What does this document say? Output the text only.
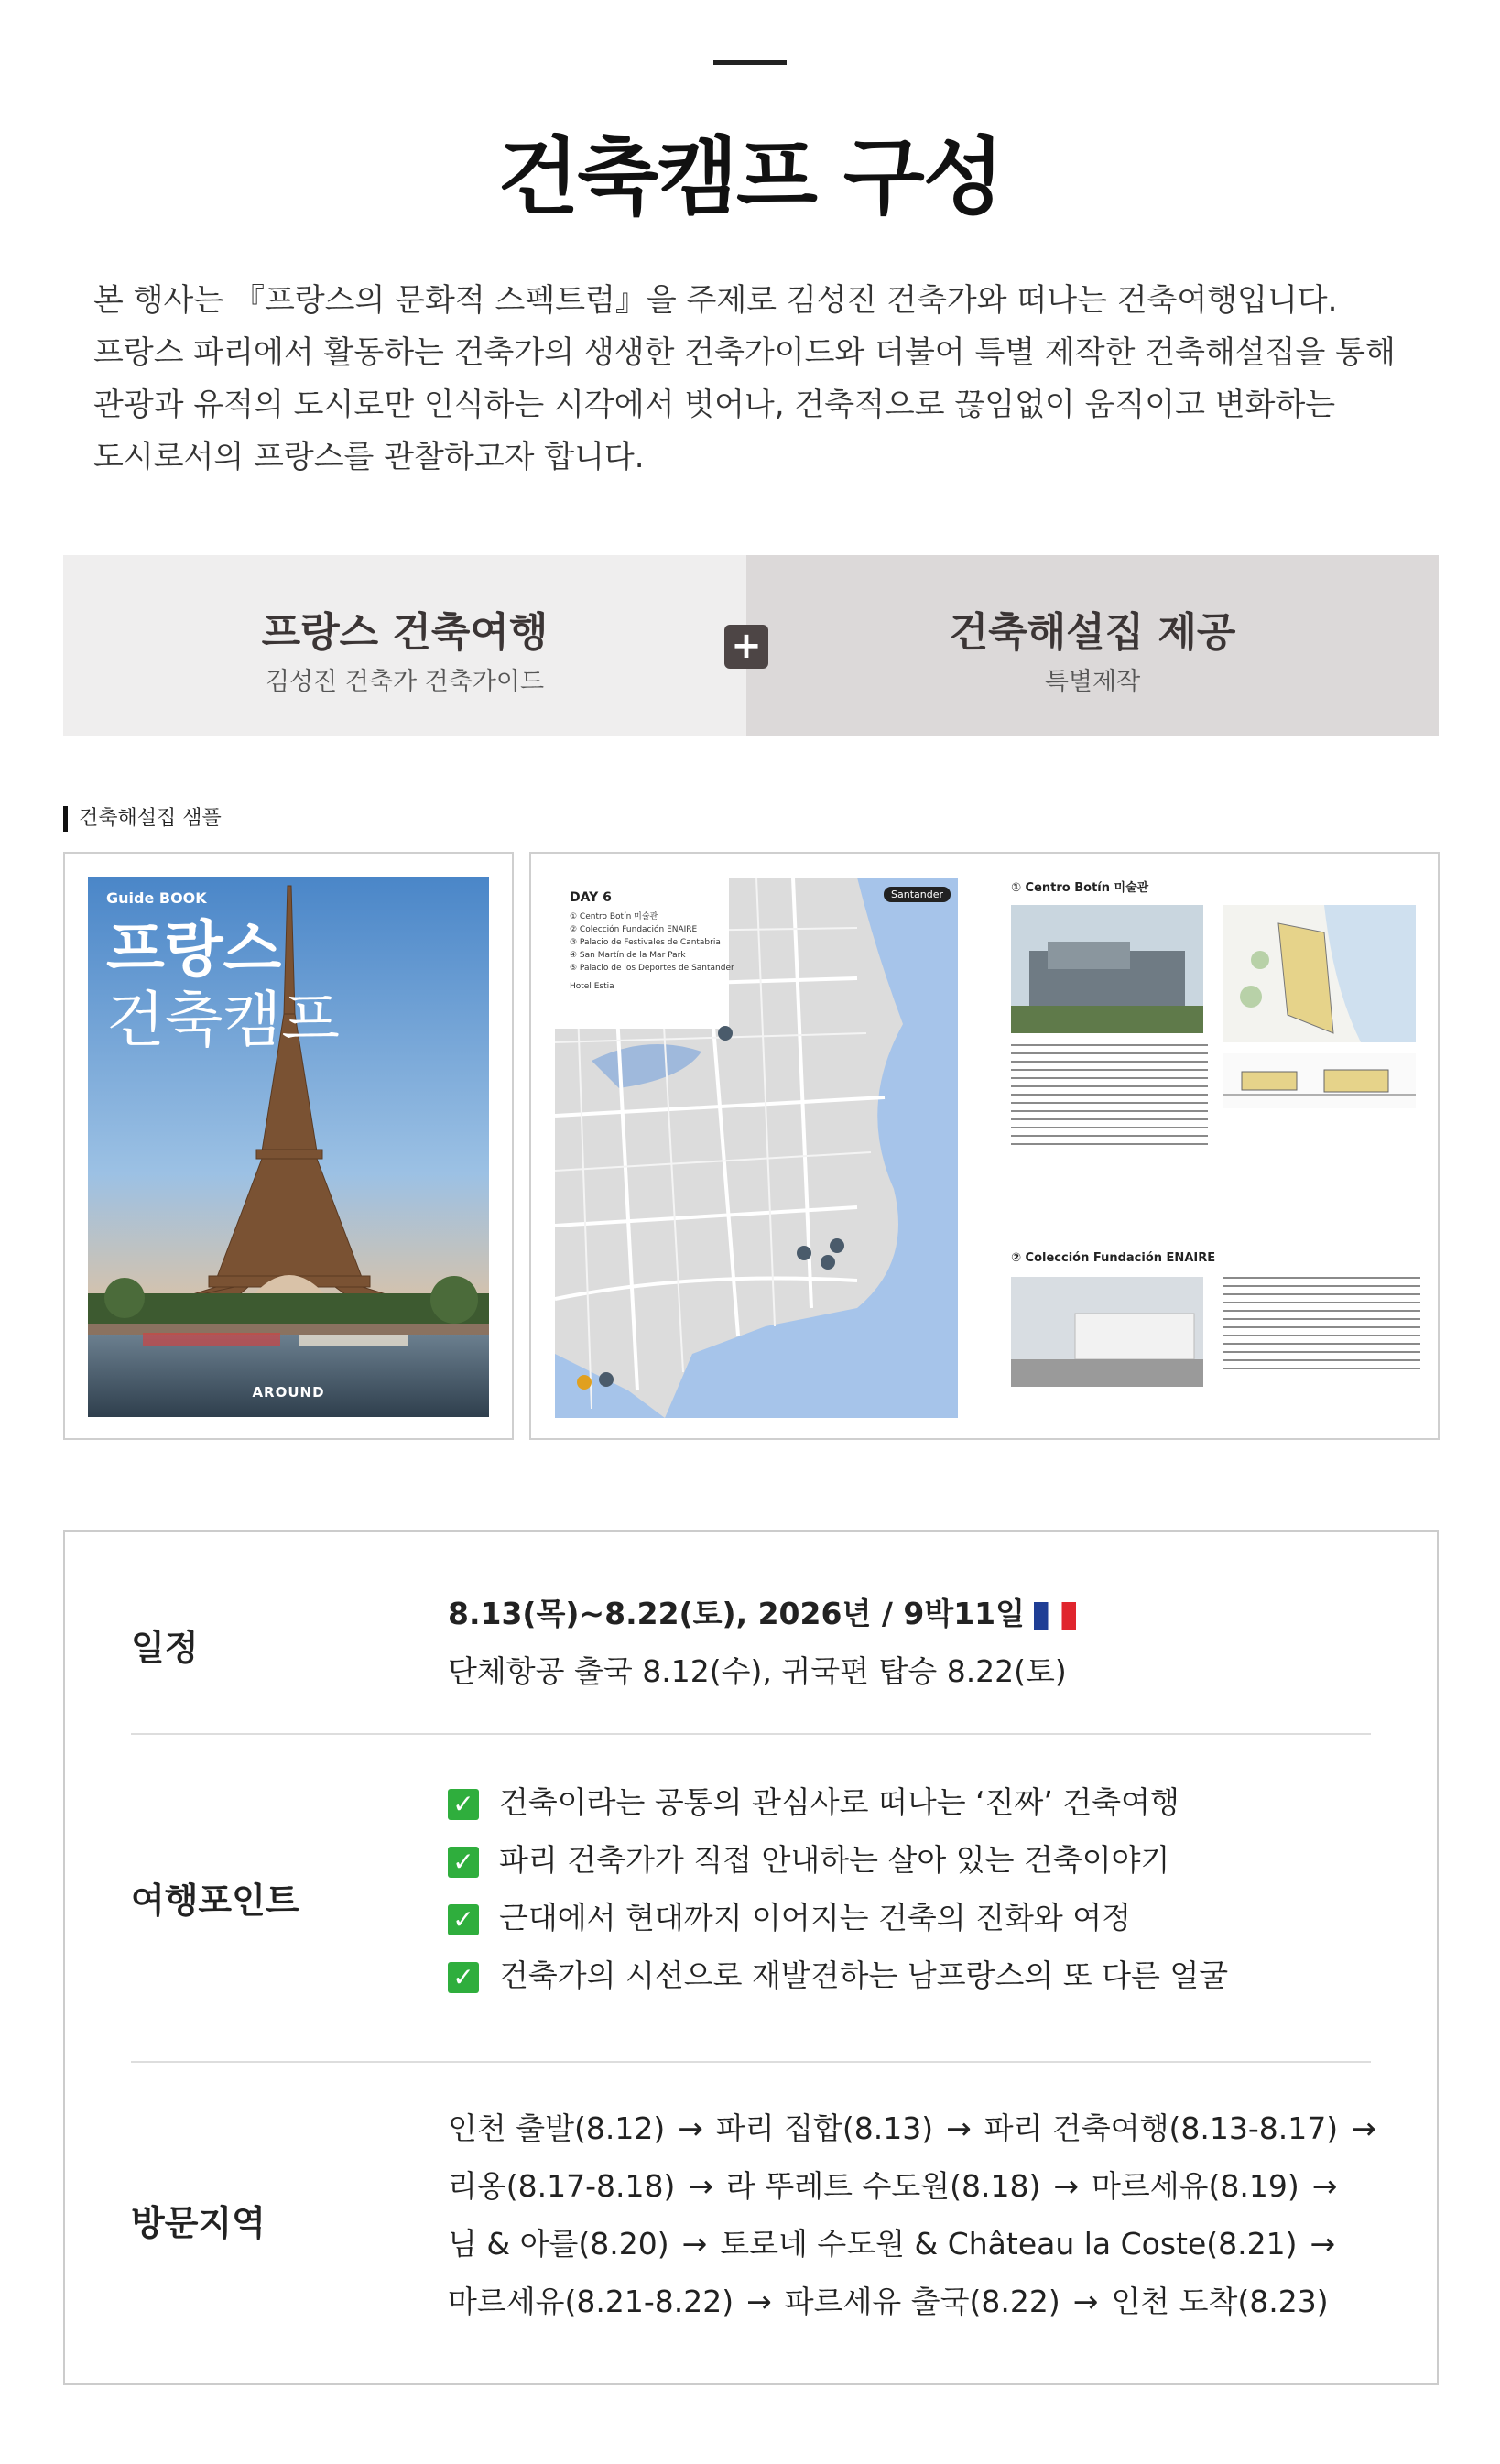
건축캠프 구성

본 행사는 『프랑스의 문화적 스펙트럼』을 주제로 김성진 건축가와 떠나는 건축여행입니다.

프랑스 파리에서 활동하는 건축가의 생생한 건축가이드와 더불어 특별 제작한 건축해설집을 통해

관광과 유적의 도시로만 인식하는 시각에서 벗어나, 건축적으로 끊임없이 움직이고 변화하는

도시로서의 프랑스를 관찰하고자 합니다.

프랑스 건축여행
김성진 건축가 건축가이드
건축해설집 제공
특별제작
+
건축해설집 샘플
Guide BOOK
프랑스
건축캠프
AROUND
DAY 6
① Centro Botín 미술관
② Colección Fundación ENAIRE
③ Palacio de Festivales de Cantabria
④ San Martín de la Mar Park
⑤ Palacio de los Deportes de Santander
Hotel Estia
Santander	① Centro Botín 미술관
② Colección Fundación ENAIRE
일정
8.13(목)~8.22(토), 2026년 / 9박11일
단체항공 출국 8.12(수), 귀국편 탑승 8.22(토)
여행포인트
✓ 건축이라는 공통의 관심사로 떠나는 ‘진짜’ 건축여행
✓ 파리 건축가가 직접 안내하는 살아 있는 건축이야기
✓ 근대에서 현대까지 이어지는 건축의 진화와 여정
✓ 건축가의 시선으로 재발견하는 남프랑스의 또 다른 얼굴
방문지역
인천 출발(8.12) → 파리 집합(8.13) → 파리 건축여행(8.13-8.17) →
리옹(8.17-8.18) → 라 뚜레트 수도원(8.18) → 마르세유(8.19) →
님 & 아를(8.20) → 토로네 수도원 & Château la Coste(8.21) →
마르세유(8.21-8.22) → 파르세유 출국(8.22) → 인천 도착(8.23)
